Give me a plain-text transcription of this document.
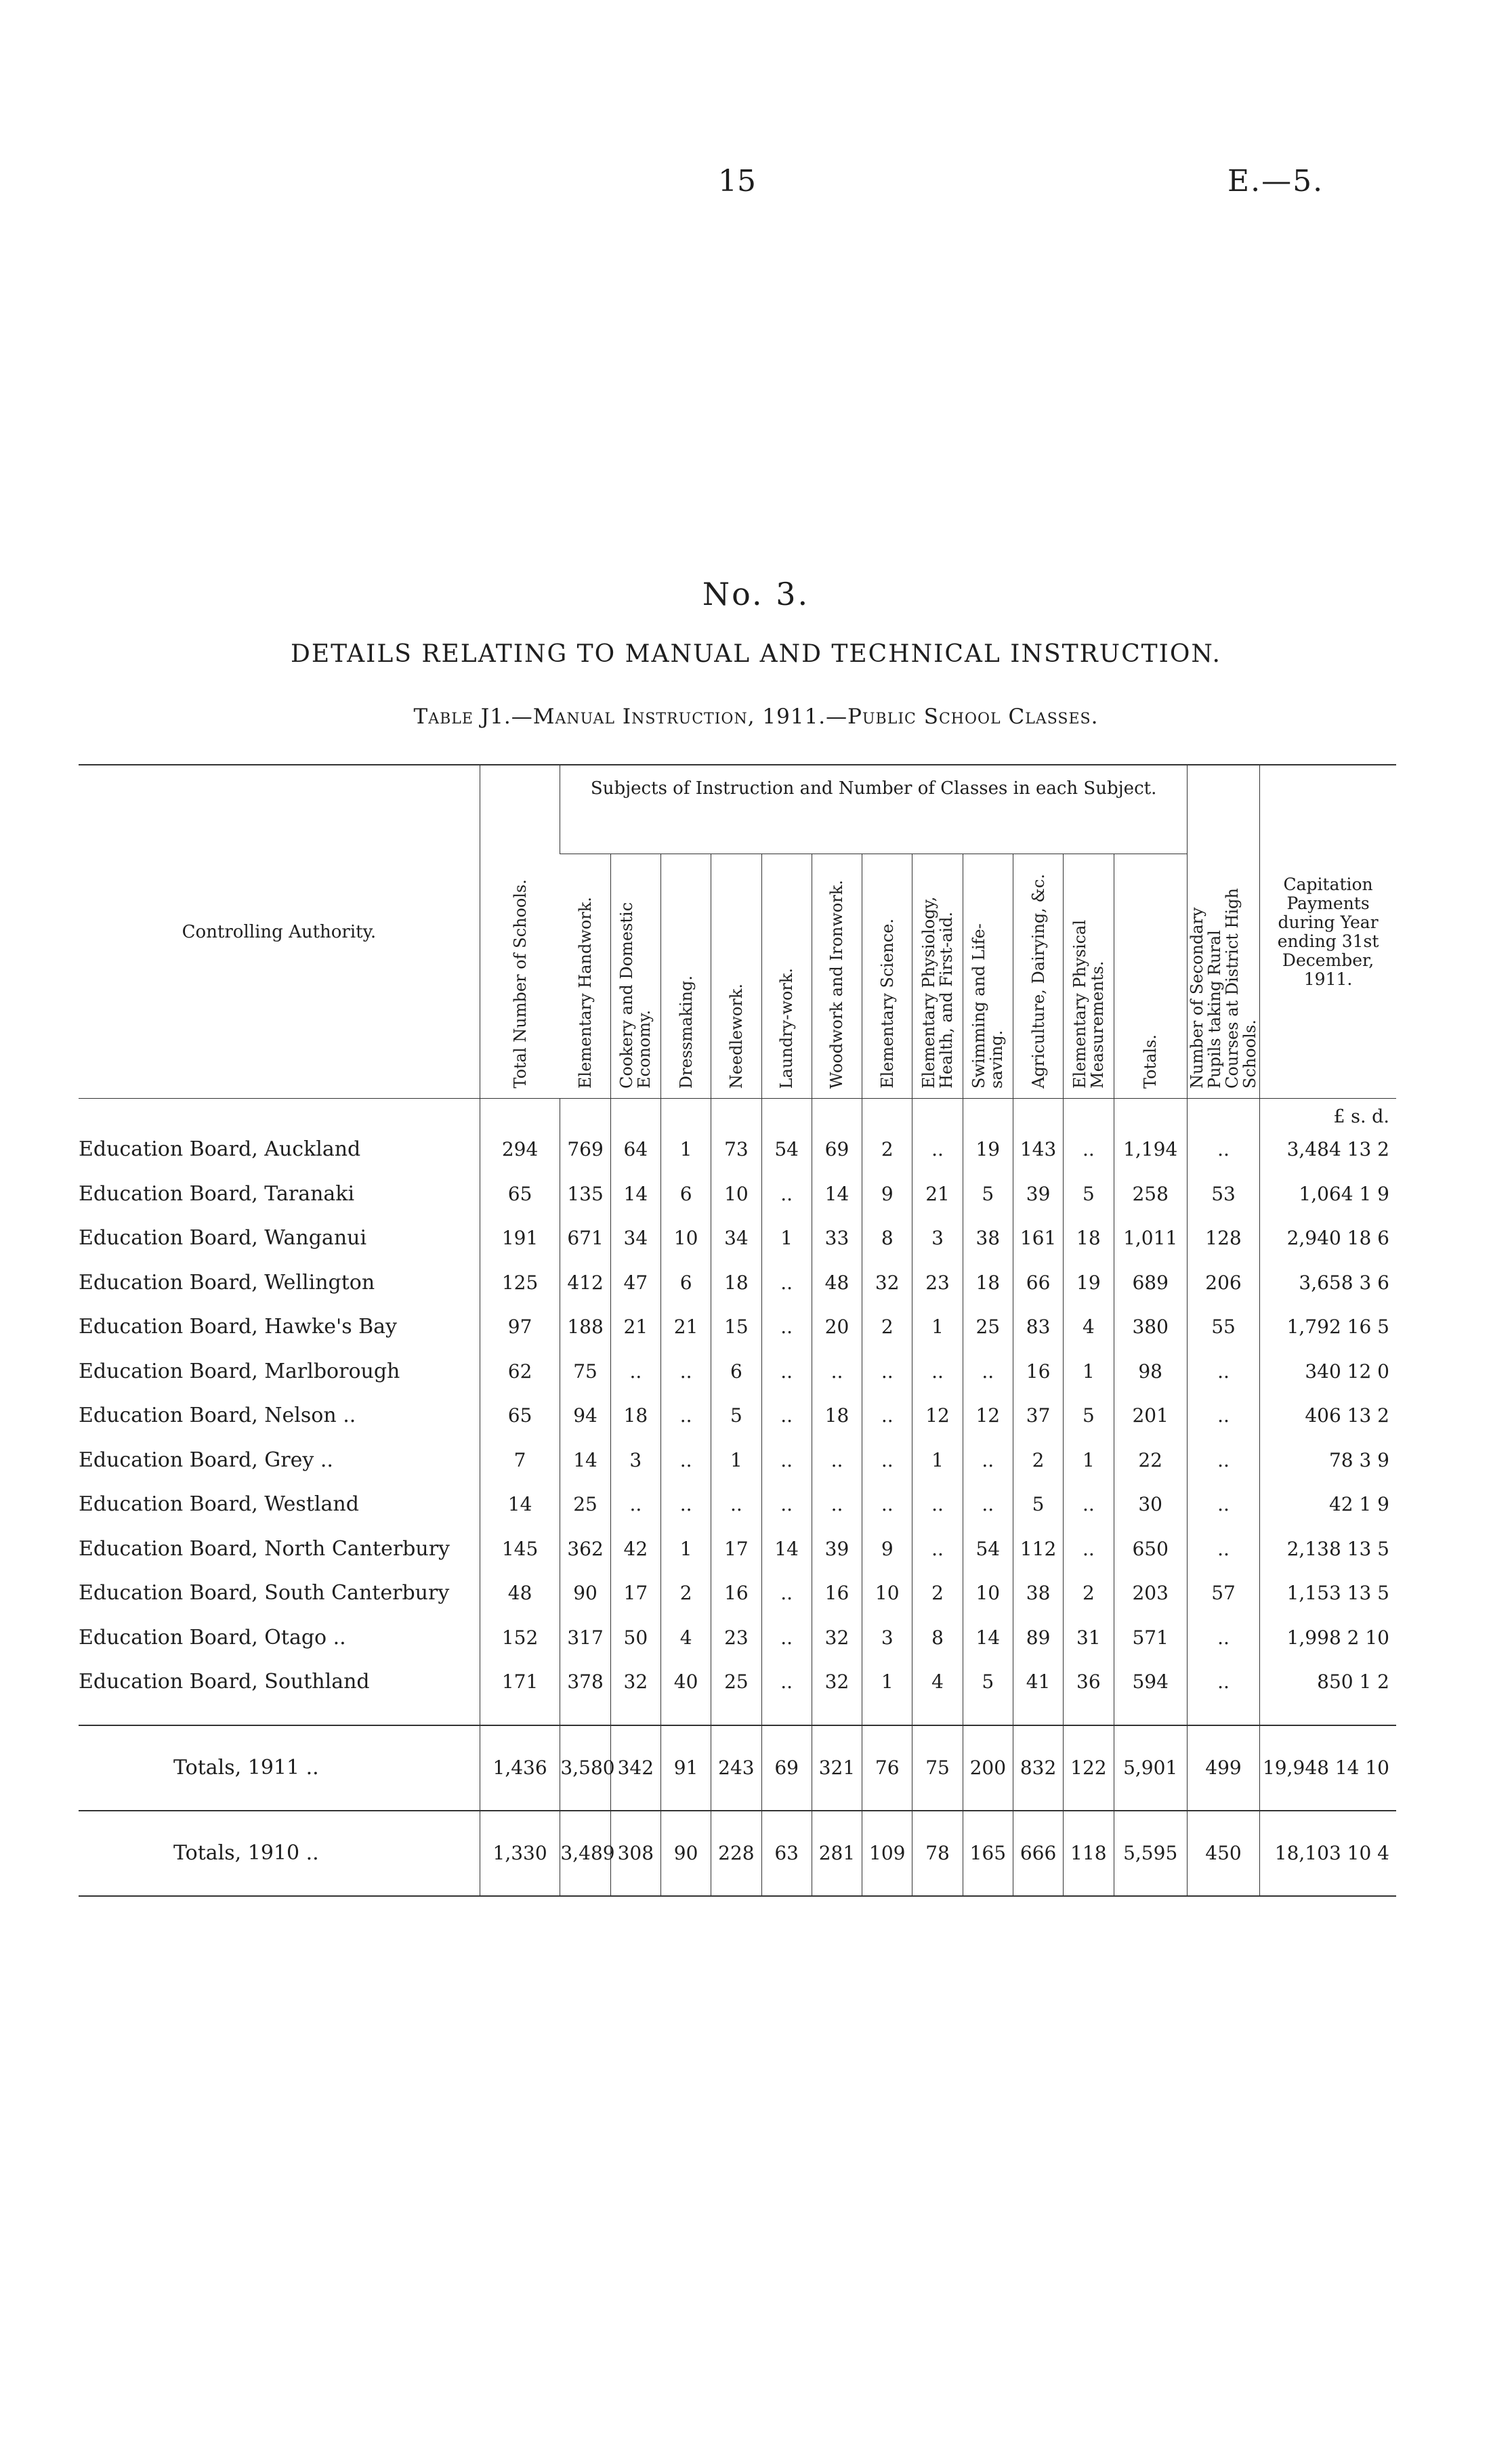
15	E.—5.
No. 3.
DETAILS RELATING TO MANUAL AND TECHNICAL INSTRUCTION.
Table J1.—Manual Instruction, 1911.—Public School Classes.
Controlling Authority.	Total Number of Schools.	Subjects of Instruction and Number of Classes in each Subject.												Number of Secondary Pupils taking Rural Courses at District High Schools.	Capitation Payments during Year ending 31st December, 1911.

		Elementary Handwork.	Cookery and Domestic Economy.	Dressmaking.	Needlework.	Laundry-work.	Woodwork and Ironwork.	Elementary Science.	Elementary Physiology, Health, and First-aid.	Swimming and Life-saving.	Agriculture, Dairying, &c.	Elementary Physical Measurements.	Totals.		

															£ s. d.
Education Board, Auckland	294	769	64	1	73	54	69	2	..	19	143	..	1,194	..	3,484 13 2
Education Board, Taranaki	65	135	14	6	10	..	14	9	21	5	39	5	258	53	1,064 1 9
Education Board, Wanganui	191	671	34	10	34	1	33	8	3	38	161	18	1,011	128	2,940 18 6
Education Board, Wellington	125	412	47	6	18	..	48	32	23	18	66	19	689	206	3,658 3 6
Education Board, Hawke's Bay	97	188	21	21	15	..	20	2	1	25	83	4	380	55	1,792 16 5
Education Board, Marlborough	62	75	..	..	6	..	..	..	..	..	16	1	98	..	340 12 0
Education Board, Nelson ..	65	94	18	..	5	..	18	..	12	12	37	5	201	..	406 13 2
Education Board, Grey ..	7	14	3	..	1	..	..	..	1	..	2	1	22	..	78 3 9
Education Board, Westland	14	25	..	..	..	..	..	..	..	..	5	..	30	..	42 1 9
Education Board, North Canterbury	145	362	42	1	17	14	39	9	..	54	112	..	650	..	2,138 13 5
Education Board, South Canterbury	48	90	17	2	16	..	16	10	2	10	38	2	203	57	1,153 13 5
Education Board, Otago ..	152	317	50	4	23	..	32	3	8	14	89	31	571	..	1,998 2 10
Education Board, Southland	171	378	32	40	25	..	32	1	4	5	41	36	594	..	850 1 2

Totals, 1911 ..	1,436	3,580	342	91	243	69	321	76	75	200	832	122	5,901	499	19,948 14 10
Totals, 1910 ..	1,330	3,489	308	90	228	63	281	109	78	165	666	118	5,595	450	18,103 10 4
